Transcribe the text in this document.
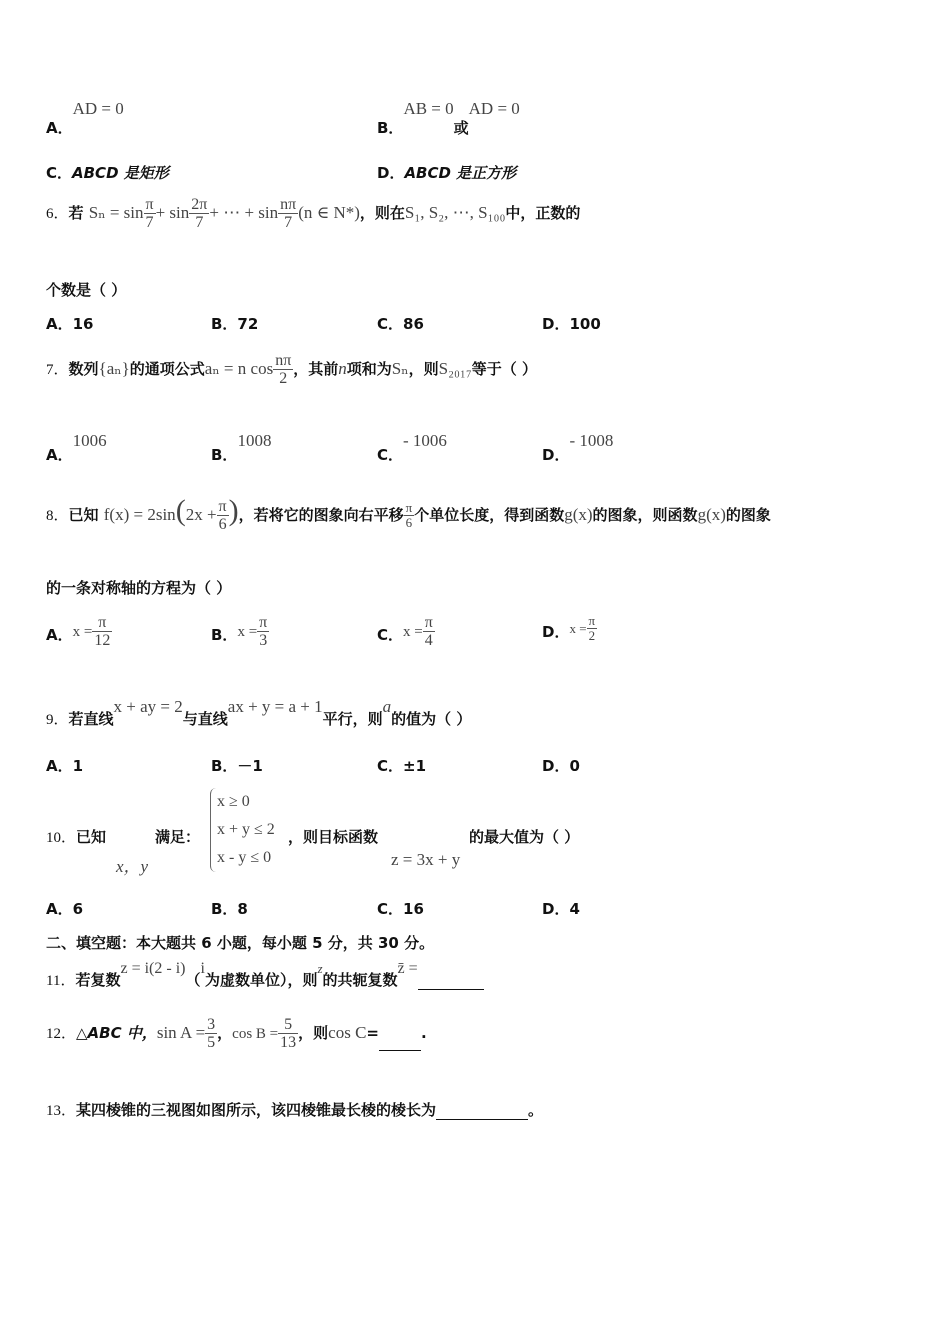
A．AD = 0
B．AB = 0或AD = 0
C．ABCD 是矩形	D．ABCD 是正方形
6．若 $S_n = \sin \frac{\pi}{7} + \sin \frac{2\pi}{7}$ + ⋯ + $\sin \frac{n\pi}{7} (n$ ∈ N*)，则在S₁, S₂, ⋯, S₁₀₀中，正数的
个数是（ ）
A．16	B．72	C．86	D．100
7．数列{aₙ}的通项公式aₙ = n $\cos \frac{n\pi}{2}$ ，其前n项和为Sₙ，则S₂₀₁₇等于（ ）
A．1006
B．1008
C．- 1006
D．- 1008
8．已知 $f(x) = 2\sin(2x + \frac{\pi}{6}$ )，若将它的图象向右平移 $\frac{\pi}{6}$ 个单位长度，得到函数g(x)的图象，则函数g(x)的图象
的一条对称轴的方程为（ ）
A．$x = \frac{\pi}{12}$	B．$x = \frac{\pi}{3}$	C．$x = \frac{\pi}{4}$	D．$x = \frac{\pi}{2}$
9．若直线x + ay = 2与直线ax + y = a + 1平行，则a的值为（ ）
A．1	B．－1	C．±1	D．0
10．已知
x，y
满足：
x ≥ 0
x + y ≤ 2
x - y ≤ 0
，则目标函数
z = 3x + y
的最大值为（ ）
A．6	B．8	C．16	D．4
二、填空题：本大题共 6 小题，每小题 5 分，共 30 分。
11．若复数z = i(2 - i)（i为虚数单位），则z的共轭复数z̄ =
12．△ABC 中，$\sin A = \frac{3}{5}$ ，$\cos B = \frac{5}{13}$ ，则cos C=	.
13．某四棱锥的三视图如图所示，该四棱锥最长棱的棱长为	。
